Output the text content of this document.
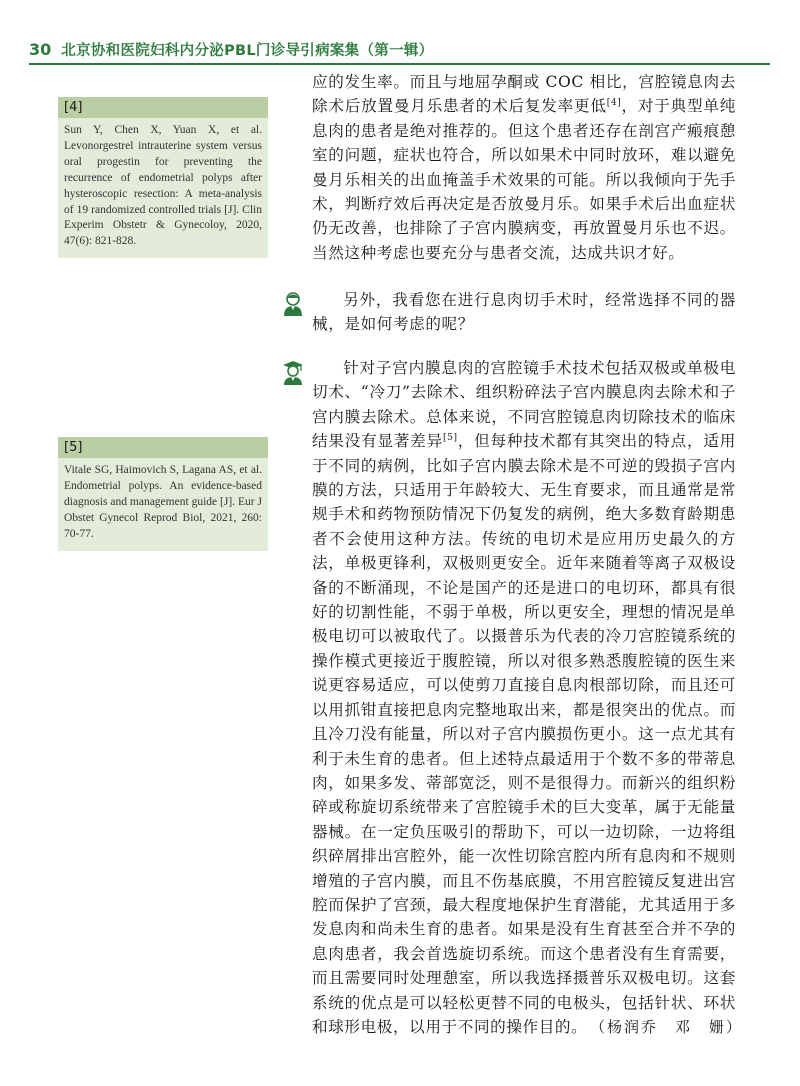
30 北京协和医院妇科内分泌PBL门诊导引病案集（第一辑）
[4]
Sun Y, Chen X, Yuan X, et al. Levonorgestrel intrauterine system versus oral progestin for preventing the recurrence of endometrial polyps after hysteroscopic resection: A meta-analysis of 19 randomized controlled trials [J]. Clin Experim Obstetr & Gynecoloy, 2020, 47(6): 821-828.
[5]
Vitale SG, Haimovich S, Lagana AS, et al. Endometrial polyps. An evidence-based diagnosis and management guide [J]. Eur J Obstet Gynecol Reprod Biol, 2021, 260: 70-77.

应的发生率。而且与地屈孕酮或 COC 相比，宫腔镜息肉去除术后放置曼月乐患者的术后复发率更低[4]，对于典型单纯息肉的患者是绝对推荐的。但这个患者还存在剖宫产瘢痕憩室的问题，症状也符合，所以如果术中同时放环，难以避免曼月乐相关的出血掩盖手术效果的可能。所以我倾向于先手术，判断疗效后再决定是否放曼月乐。如果手术后出血症状仍无改善，也排除了子宫内膜病变，再放置曼月乐也不迟。当然这种考虑也要充分与患者交流，达成共识才好。

另外，我看您在进行息肉切手术时，经常选择不同的器械，是如何考虑的呢？

针对子宫内膜息肉的宫腔镜手术技术包括双极或单极电切术、“冷刀”去除术、组织粉碎法子宫内膜息肉去除术和子宫内膜去除术。总体来说，不同宫腔镜息肉切除技术的临床结果没有显著差异[5]，但每种技术都有其突出的特点，适用于不同的病例，比如子宫内膜去除术是不可逆的毁损子宫内膜的方法，只适用于年龄较大、无生育要求，而且通常是常规手术和药物预防情况下仍复发的病例，绝大多数育龄期患者不会使用这种方法。传统的电切术是应用历史最久的方法，单极更锋利，双极则更安全。近年来随着等离子双极设备的不断涌现，不论是国产的还是进口的电切环，都具有很好的切割性能，不弱于单极，所以更安全，理想的情况是单极电切可以被取代了。以摄普乐为代表的冷刀宫腔镜系统的操作模式更接近于腹腔镜，所以对很多熟悉腹腔镜的医生来说更容易适应，可以使剪刀直接自息肉根部切除，而且还可以用抓钳直接把息肉完整地取出来，都是很突出的优点。而且冷刀没有能量，所以对子宫内膜损伤更小。这一点尤其有利于未生育的患者。但上述特点最适用于个数不多的带蒂息肉，如果多发、蒂部宽泛，则不是很得力。而新兴的组织粉碎或称旋切系统带来了宫腔镜手术的巨大变革，属于无能量器械。在一定负压吸引的帮助下，可以一边切除，一边将组织碎屑排出宫腔外，能一次性切除宫腔内所有息肉和不规则增殖的子宫内膜，而且不伤基底膜，不用宫腔镜反复进出宫腔而保护了宫颈，最大程度地保护生育潜能，尤其适用于多发息肉和尚未生育的患者。如果是没有生育甚至合并不孕的息肉患者，我会首选旋切系统。而这个患者没有生育需要，而且需要同时处理憩室，所以我选择摄普乐双极电切。这套系统的优点是可以轻松更替不同的电极头，包括针状、环状和球形电极，以用于不同的操作目的。 （杨润乔　邓　姗）
